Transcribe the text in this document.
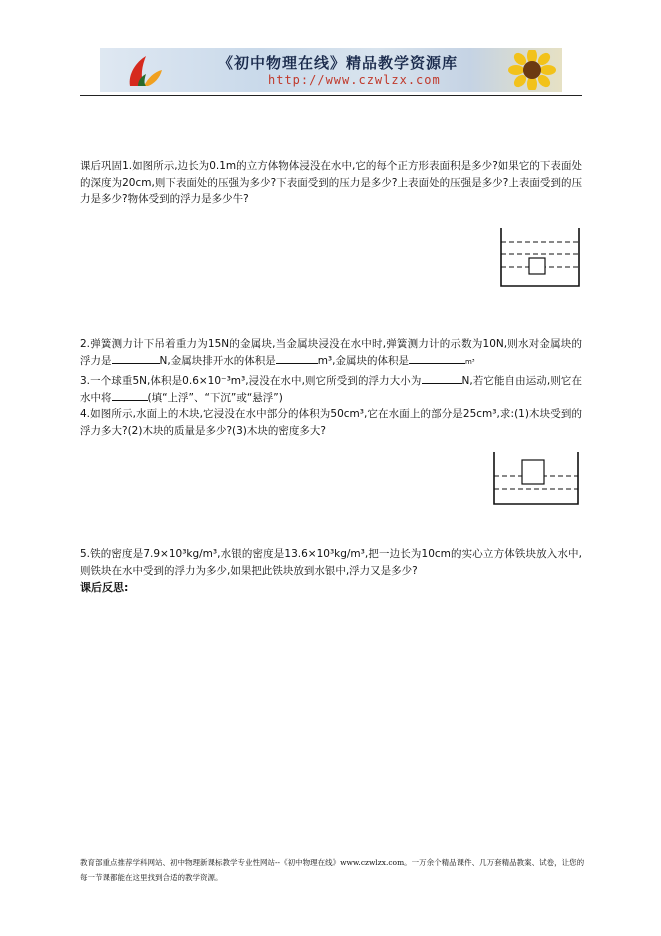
《初中物理在线》精品教学资源库
http://www.czwlzx.com

课后巩固1.如图所示,边长为0.1m的立方体物体浸没在水中,它的每个正方形表面积是多少?如果它的下表面处的深度为20cm,则下表面处的压强为多少?下表面受到的压力是多少?上表面处的压强是多少?上表面受到的压力是多少?物体受到的浮力是多少牛?

2.弹簧测力计下吊着重力为15N的金属块,当金属块浸没在水中时,弹簧测力计的示数为10N,则水对金属块的浮力是	N,金属块排开水的体积是	m³,金属块的体积是	m³

3.一个球重5N,体积是0.6×10⁻³m³,浸没在水中,则它所受到的浮力大小为	N,若它能自由运动,则它在水中将	(填“上浮”、“下沉”或“悬浮”)

4.如图所示,水面上的木块,它浸没在水中部分的体积为50cm³,它在水面上的部分是25cm³,求:(1)木块受到的浮力多大?(2)木块的质量是多少?(3)木块的密度多大?

5.铁的密度是7.9×10³kg/m³,水银的密度是13.6×10³kg/m³,把一边长为10cm的实心立方体铁块放入水中,则铁块在水中受到的浮力为多少,如果把此铁块放到水银中,浮力又是多少?

课后反思:

教育部重点推荐学科网站、初中物理新课标教学专业性网站--《初中物理在线》www.czwlzx.com。一万余个精品课件、几万套精品教案、试卷，让您的每一节课都能在这里找到合适的教学资源。
